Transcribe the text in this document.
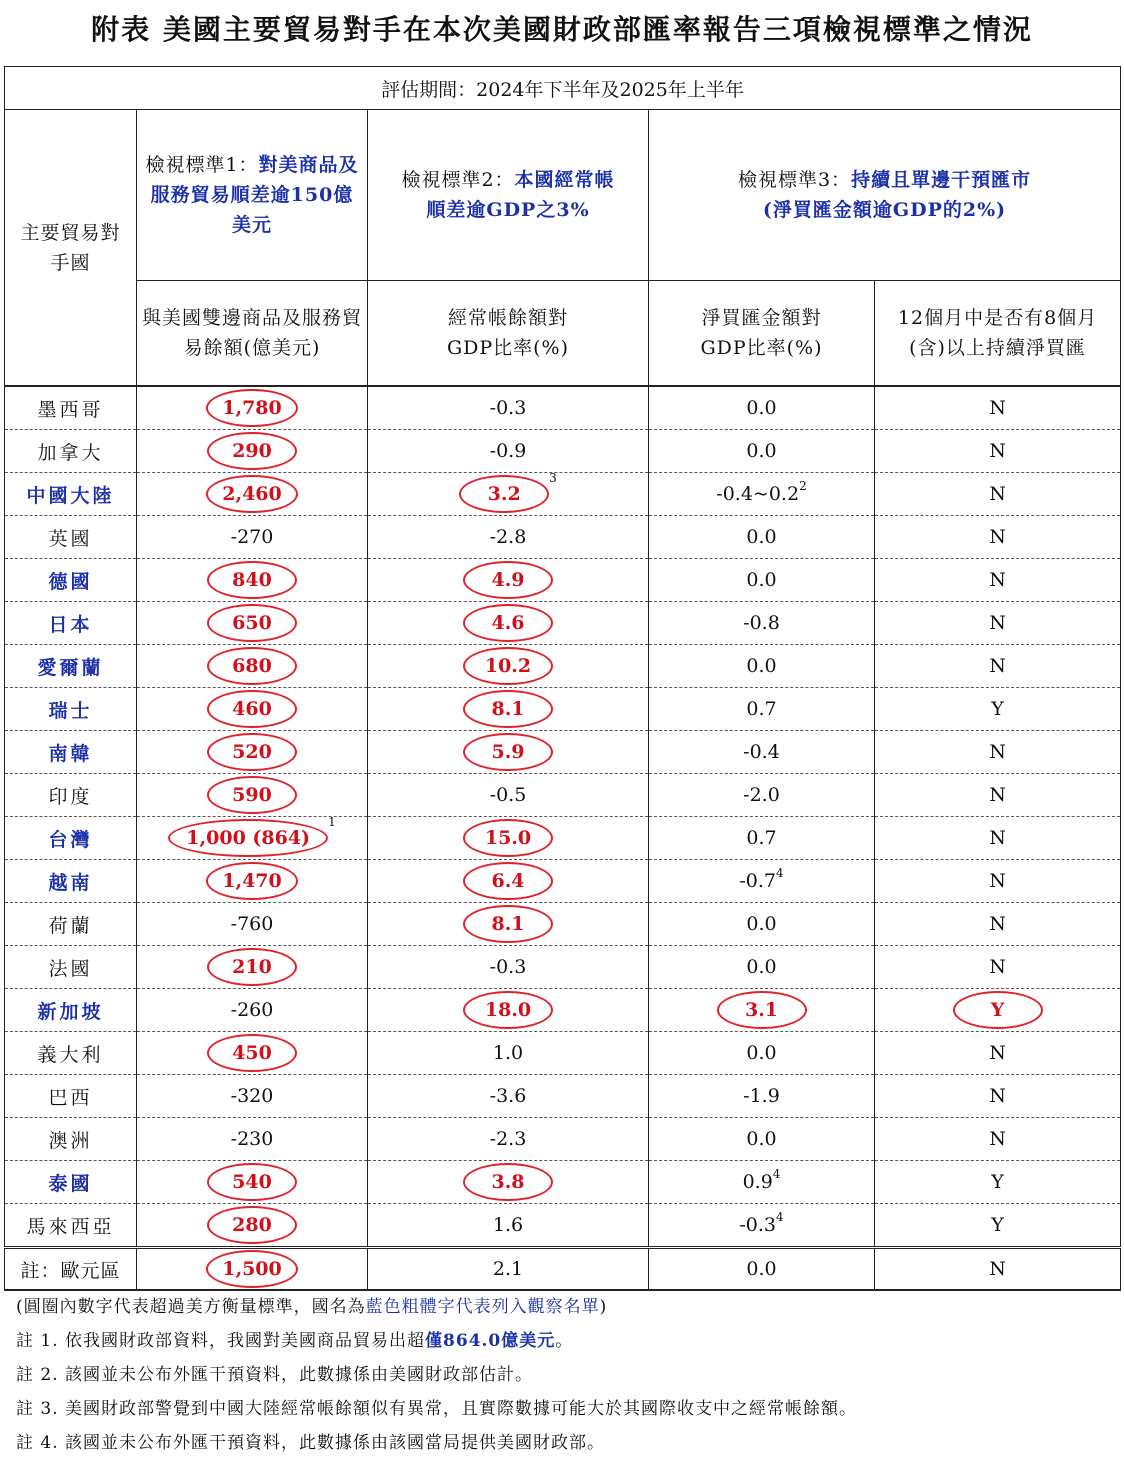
附表 美國主要貿易對手在本次美國財政部匯率報告三項檢視標準之情況
評估期間：2024年下半年及2025年上半年				
主要貿易對手國	檢視標準1：對美商品及服務貿易順差逾150億美元	檢視標準2：本國經常帳順差逾GDP之3%	檢視標準3：持續且單邊干預匯市
(淨買匯金額逾GDP的2%)	
	與美國雙邊商品及服務貿易餘額(億美元)	經常帳餘額對GDP比率(%)	淨買匯金額對GDP比率(%)	12個月中是否有8個月(含)以上持續淨買匯
墨西哥	1,780	-0.3	0.0	N
加拿大	290	-0.9	0.0	N
中國大陸	2,460	$3.2^3$	$-0.4\sim 0.2^2$	N
英國	-270	-2.8	0.0	N
德國	840	4.9	0.0	N
日本	650	4.6	-0.8	N
愛爾蘭	680	10.2	0.0	N
瑞士	460	8.1	0.7	Y
南韓	520	5.9	-0.4	N
印度	590	-0.5	-2.0	N
台灣	1,000 $(864)^1$	15.0	0.7	N
越南	1,470	6.4	$-0.7^4$	N
荷蘭	-760	8.1	0.0	N
法國	210	-0.3	0.0	N
新加坡	-260	18.0	3.1	Y
義大利	450	1.0	0.0	N
巴西	-320	-3.6	-1.9	N
澳洲	-230	-2.3	0.0	N
泰國	540	3.8	$0.9^4$	Y
馬來西亞	280	1.6	$-0.3^4$	Y
註：歐元區	1,500	2.1	0.0	N
(圓圈內數字代表超過美方衡量標準，國名為藍色粗體字代表列入觀察名單)
註 1. 依我國財政部資料，我國對美國商品貿易出超僅864.0億美元。
註 2. 該國並未公布外匯干預資料，此數據係由美國財政部估計。
註 3. 美國財政部警覺到中國大陸經常帳餘額似有異常，且實際數據可能大於其國際收支中之經常帳餘額。
註 4. 該國並未公布外匯干預資料，此數據係由該國當局提供美國財政部。
